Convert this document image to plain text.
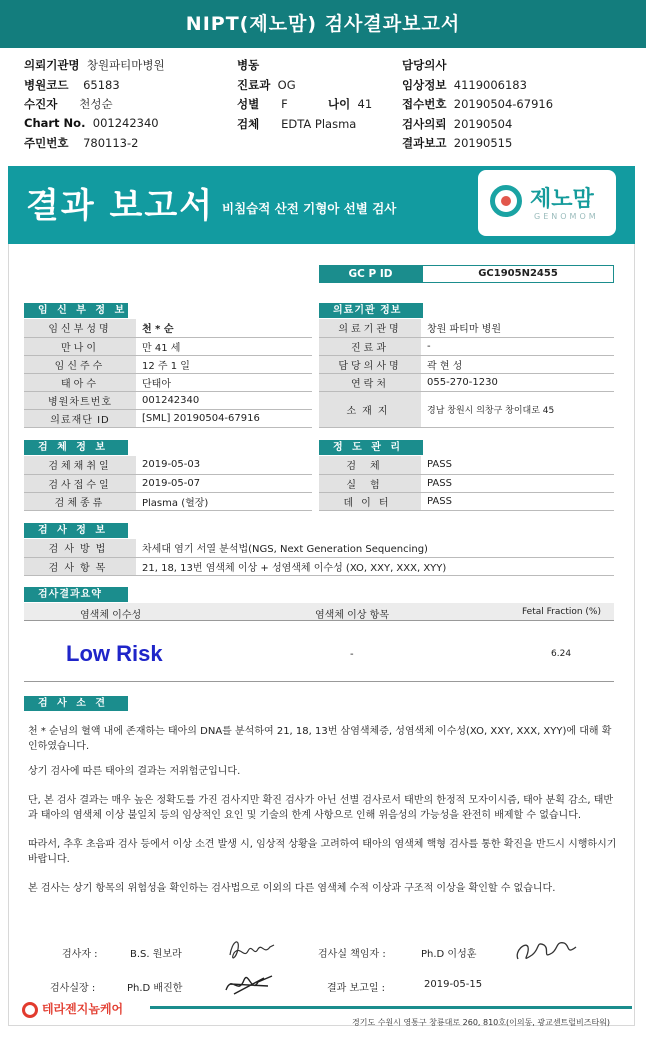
NIPT(제노맘) 검사결과보고서
의뢰기관명 창원파티마병원
병원코드 65183
수진자 천성순
Chart No. 001242340
주민번호 780113-2
병동
진료과 OG
성별 F	나이 41
검체 EDTA Plasma
담당의사
임상정보 4119006183
접수번호 20190504-67916
검사의뢰 20190504
결과보고 20190515
결과 보고서 비침습적 산전 기형아 선별 검사	제노맘
GENOMOM
GC P ID	GC1905N2455
임 신 부 정 보
임신부성명	천 * 순
만나이	만 41 세
임신주수	12 주 1 일
태아수	단태아
병원차트번호	001242340
의료재단 ID	[SML] 20190504-67916
의료기관 정보
의료기관명	창원 파티마 병원
진료과	-
담당의사명	곽 현 성
연락처	055-270-1230
소재지	경남 창원시 의창구 창이대로 45
검 체 정 보
검체채취일	2019-05-03
검사접수일	2019-05-07
검체종류	Plasma (혈장)
정 도 관 리
검체	PASS
실험	PASS
데이터	PASS
검 사 정 보
검사방법	차세대 염기 서열 분석법(NGS, Next Generation Sequencing)
검사항목	21, 18, 13번 염색체 이상 + 성염색체 이수성 (XO, XXY, XXX, XYY)
검사결과요약
염색체 이수성	염색체 이상 항목	Fetal Fraction (%)
Low Risk	-	6.24
검 사 소 견
천 * 순님의 혈액 내에 존재하는 태아의 DNA를 분석하여 21, 18, 13번 삼염색체증, 성염색체 이수성(XO, XXY, XXX, XYY)에 대해 확인하였습니다.
상기 검사에 따른 태아의 결과는 저위험군입니다.
단, 본 검사 결과는 매우 높은 정확도를 가진 검사지만 확진 검사가 아닌 선별 검사로서 태반의 한정적 모자이시즘, 태아 분획 감소, 태반과 태아의 염색체 이상 불일치 등의 임상적인 요인 및 기술의 한계 사항으로 인해 위음성의 가능성을 완전히 배제할 수 없습니다.
따라서, 추후 초음파 검사 등에서 이상 소견 발생 시, 임상적 상황을 고려하여 태아의 염색체 핵형 검사를 통한 확진을 반드시 시행하시기 바랍니다.
본 검사는 상기 항목의 위험성을 확인하는 검사법으로 이외의 다른 염색체 수적 이상과 구조적 이상을 확인할 수 없습니다.
검사자 :	B.S. 원보라	검사실 책임자 :	Ph.D 이성훈
검사실장 :	Ph.D 배진한	결과 보고일 :	2019-05-15
테라젠지놈케어
경기도 수원시 영통구 창룡대로 260, 810호(이의동, 광교센트럴비즈타워)
